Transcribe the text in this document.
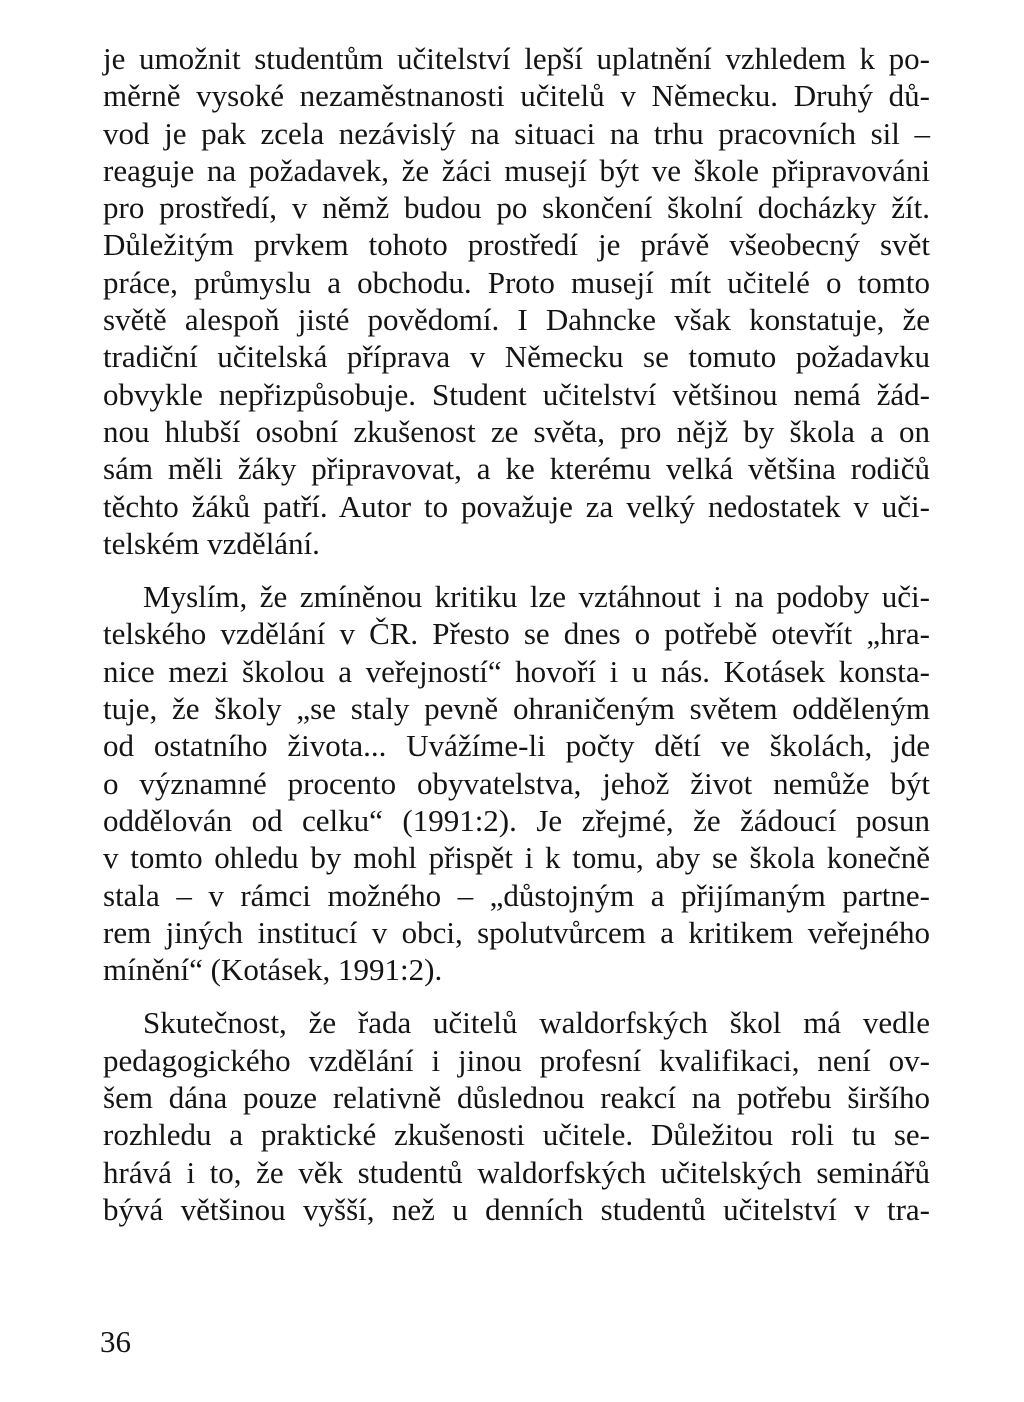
je umožnit studentům učitelství lepší uplatnění vzhledem k po-
měrně vysoké nezaměstnanosti učitelů v Německu. Druhý dů-
vod je pak zcela nezávislý na situaci na trhu pracovních sil –
reaguje na požadavek, že žáci musejí být ve škole připravováni
pro prostředí, v němž budou po skončení školní docházky žít.
Důležitým prvkem tohoto prostředí je právě všeobecný svět
práce, průmyslu a obchodu. Proto musejí mít učitelé o tomto
světě alespoň jisté povědomí. I Dahncke však konstatuje, že
tradiční učitelská příprava v Německu se tomuto požadavku
obvykle nepřizpůsobuje. Student učitelství většinou nemá žád-
nou hlubší osobní zkušenost ze světa, pro nějž by škola a on
sám měli žáky připravovat, a ke kterému velká většina rodičů
těchto žáků patří. Autor to považuje za velký nedostatek v uči-
telském vzdělání.
Myslím, že zmíněnou kritiku lze vztáhnout i na podoby uči-
telského vzdělání v ČR. Přesto se dnes o potřebě otevřít „hra-
nice mezi školou a veřejností“ hovoří i u nás. Kotásek konsta-
tuje, že školy „se staly pevně ohraničeným světem odděleným
od ostatního života... Uvážíme-li počty dětí ve školách, jde
o významné procento obyvatelstva, jehož život nemůže být
oddělován od celku“ (1991:2). Je zřejmé, že žádoucí posun
v tomto ohledu by mohl přispět i k tomu, aby se škola konečně
stala – v rámci možného – „důstojným a přijímaným partne-
rem jiných institucí v obci, spolutvůrcem a kritikem veřejného
mínění“ (Kotásek, 1991:2).
Skutečnost, že řada učitelů waldorfských škol má vedle
pedagogického vzdělání i jinou profesní kvalifikaci, není ov-
šem dána pouze relativně důslednou reakcí na potřebu širšího
rozhledu a praktické zkušenosti učitele. Důležitou roli tu se-
hrává i to, že věk studentů waldorfských učitelských seminářů
bývá většinou vyšší, než u denních studentů učitelství v tra-
36
